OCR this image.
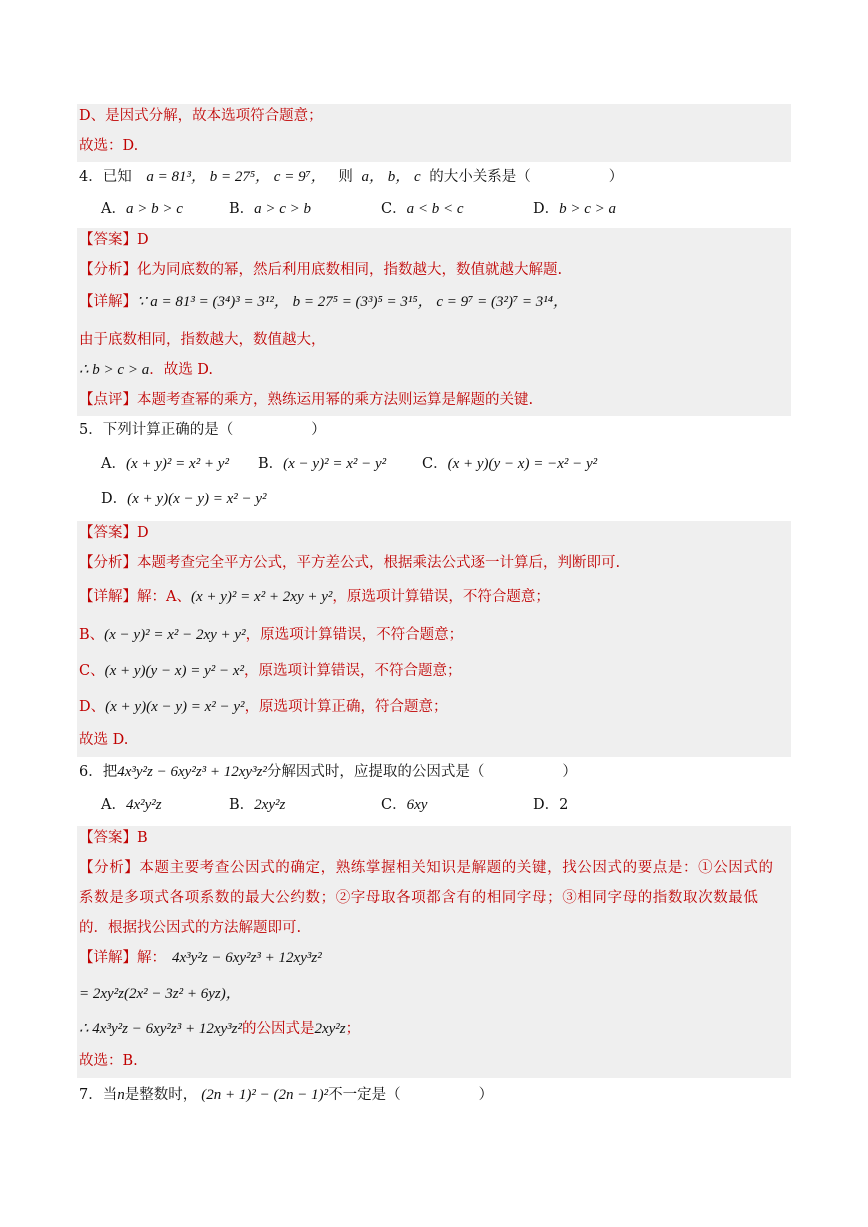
D、是因式分解，故本选项符合题意；
故选：D.
4．已知 a = 81³， b = 27⁵， c = 9⁷， 则 a， b， c 的大小关系是（	）
A．a > b > c	B．a > c > b	C．a < b < c	D．b > c > a
【答案】D
【分析】化为同底数的幂，然后利用底数相同，指数越大，数值就越大解题.
【详解】∵ a = 81³ = (3⁴)³ = 3¹²， b = 27⁵ = (3³)⁵ = 3¹⁵， c = 9⁷ = (3²)⁷ = 3¹⁴，
由于底数相同，指数越大，数值越大，
∴ b > c > a．故选 D.
【点评】本题考查幂的乘方，熟练运用幂的乘方法则运算是解题的关键.
5．下列计算正确的是（	）
A．(x + y)² = x² + y² B．(x − y)² = x² − y² C．(x + y)(y − x) = −x² − y²
D．(x + y)(x − y) = x² − y²
【答案】D
【分析】本题考查完全平方公式，平方差公式，根据乘法公式逐一计算后，判断即可.
【详解】解：A、(x + y)² = x² + 2xy + y²，原选项计算错误，不符合题意；
B、(x − y)² = x² − 2xy + y²，原选项计算错误，不符合题意；
C、(x + y)(y − x) = y² − x²，原选项计算错误，不符合题意；
D、(x + y)(x − y) = x² − y²，原选项计算正确，符合题意；
故选 D.
6．把4x³y²z − 6xy²z³ + 12xy³z²分解因式时，应提取的公因式是（	）
A．4x²y²z	B．2xy²z	C．6xy	D．2
【答案】B
【分析】本题主要考查公因式的确定，熟练掌握相关知识是解题的关键，找公因式的要点是：①公因式的
系数是多项式各项系数的最大公约数；②字母取各项都含有的相同字母；③相同字母的指数取次数最低
的．根据找公因式的方法解题即可.
【详解】解： 4x³y²z − 6xy²z³ + 12xy³z²
= 2xy²z(2x² − 3z² + 6yz)，
∴ 4x³y²z − 6xy²z³ + 12xy³z²的公因式是2xy²z；
故选：B.
7．当n是整数时， (2n + 1)² − (2n − 1)²不一定是（	）
